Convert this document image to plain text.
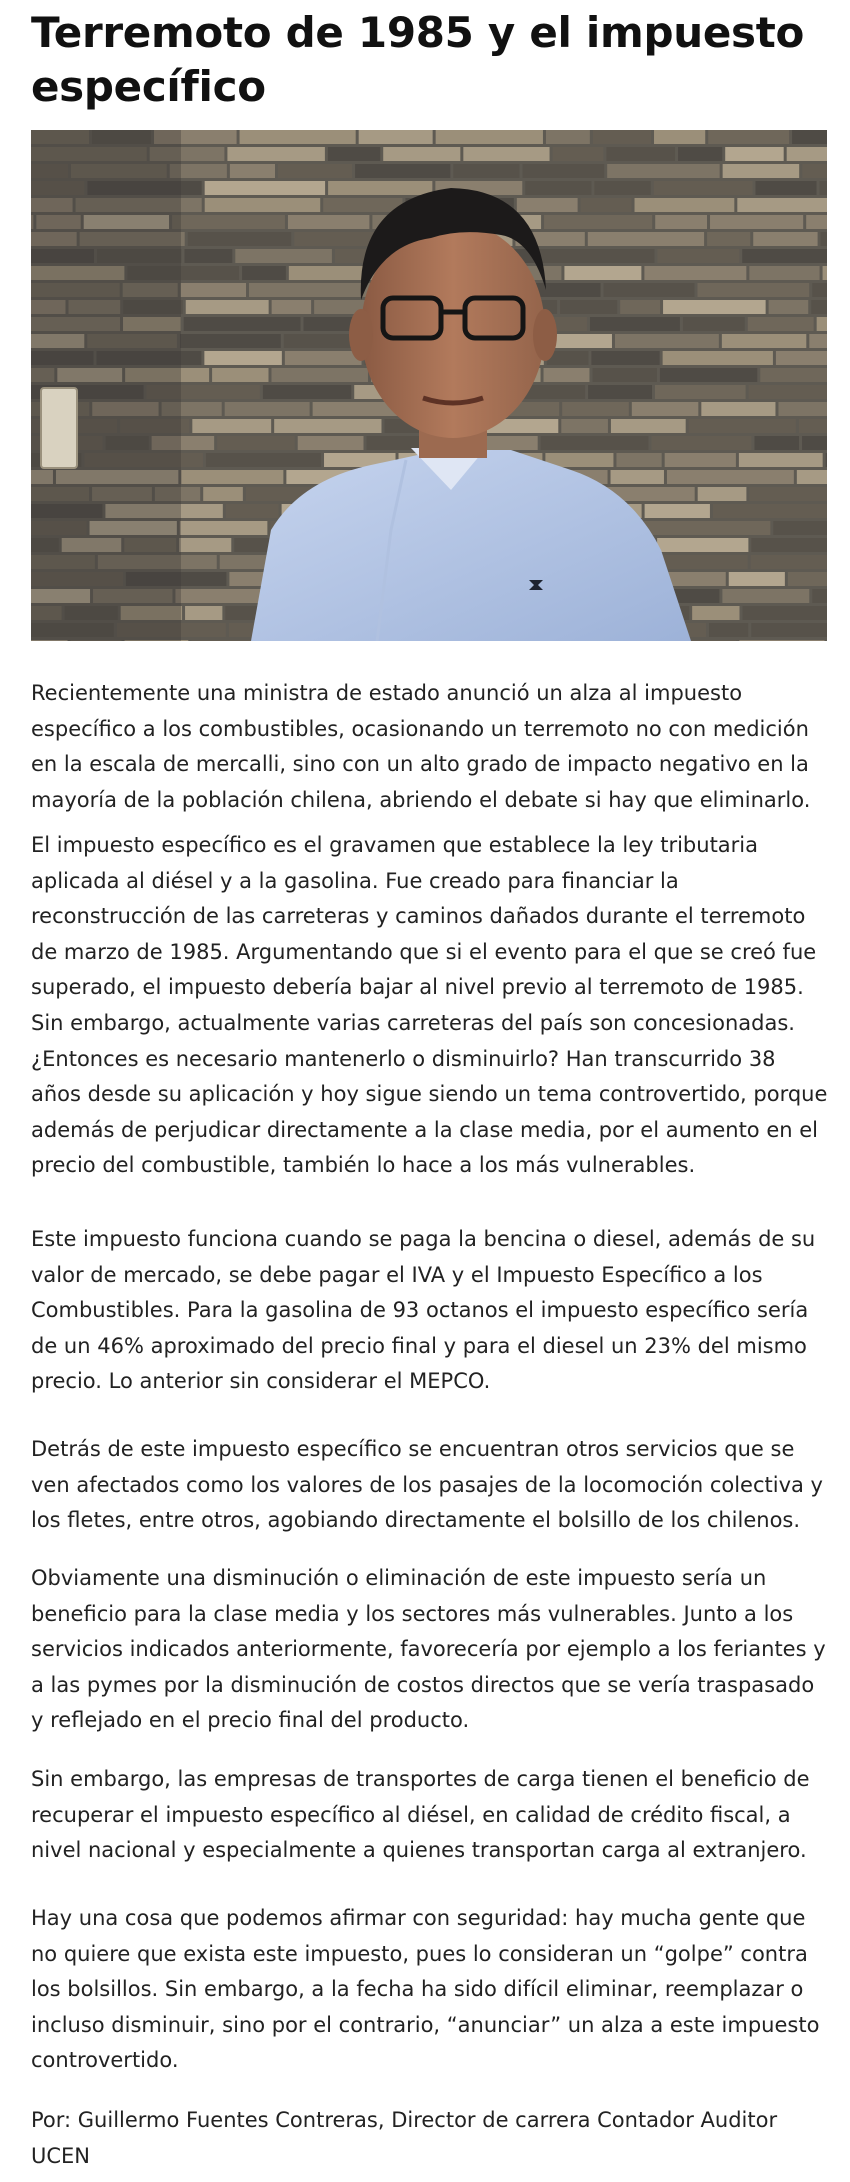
Terremoto de 1985 y el impuesto específico

Recientemente una ministra de estado anunció un alza al impuesto específico a los combustibles, ocasionando un terremoto no con medición en la escala de mercalli, sino con un alto grado de impacto negativo en la mayoría de la población chilena, abriendo el debate si hay que eliminarlo.

El impuesto específico es el gravamen que establece la ley tributaria aplicada al diésel y a la gasolina. Fue creado para financiar la reconstrucción de las carreteras y caminos dañados durante el terremoto de marzo de 1985. Argumentando que si el evento para el que se creó fue superado, el impuesto debería bajar al nivel previo al terremoto de 1985. Sin embargo, actualmente varias carreteras del país son concesionadas. ¿Entonces es necesario mantenerlo o disminuirlo? Han transcurrido 38 años desde su aplicación y hoy sigue siendo un tema controvertido, porque además de perjudicar directamente a la clase media, por el aumento en el precio del combustible, también lo hace a los más vulnerables.

Este impuesto funciona cuando se paga la bencina o diesel, además de su valor de mercado, se debe pagar el IVA y el Impuesto Específico a los Combustibles. Para la gasolina de 93 octanos el impuesto específico sería de un 46% aproximado del precio final y para el diesel un 23% del mismo precio. Lo anterior sin considerar el MEPCO.

Detrás de este impuesto específico se encuentran otros servicios que se ven afectados como los valores de los pasajes de la locomoción colectiva y los fletes, entre otros, agobiando directamente el bolsillo de los chilenos.

Obviamente una disminución o eliminación de este impuesto sería un beneficio para la clase media y los sectores más vulnerables. Junto a los servicios indicados anteriormente, favorecería por ejemplo a los feriantes y a las pymes por la disminución de costos directos que se vería traspasado y reflejado en el precio final del producto.

Sin embargo, las empresas de transportes de carga tienen el beneficio de recuperar el impuesto específico al diésel, en calidad de crédito fiscal, a nivel nacional y especialmente a quienes transportan carga al extranjero.

Hay una cosa que podemos afirmar con seguridad: hay mucha gente que no quiere que exista este impuesto, pues lo consideran un “golpe” contra los bolsillos. Sin embargo, a la fecha ha sido difícil eliminar, reemplazar o incluso disminuir, sino por el contrario, “anunciar” un alza a este impuesto controvertido.

Por: Guillermo Fuentes Contreras, Director de carrera Contador Auditor UCEN
